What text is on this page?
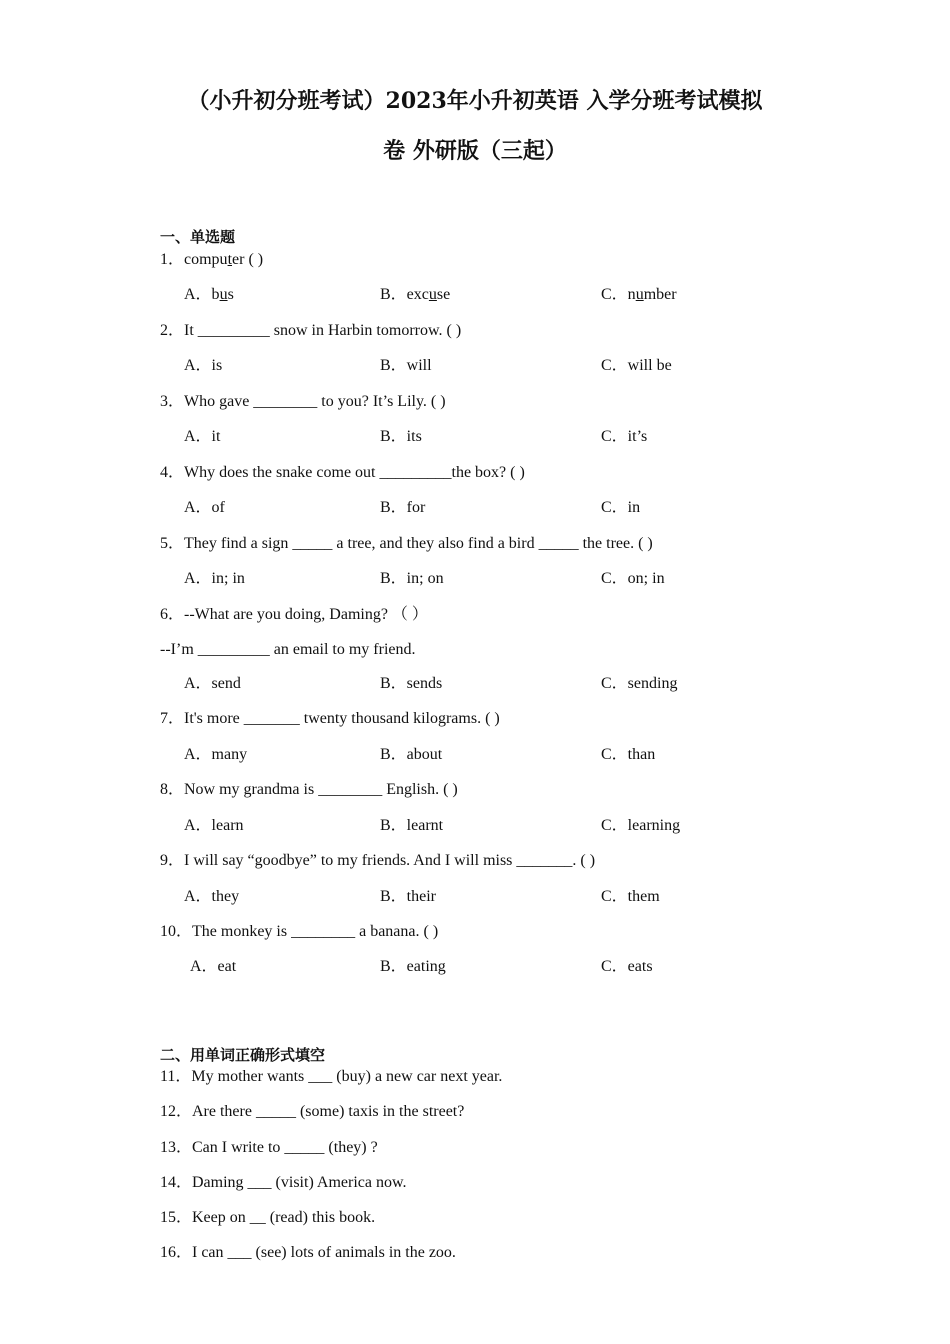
（小升初分班考试）2023年小升初英语 入学分班考试模拟
卷 外研版（三起）
一、单选题
1．computer ( )
A．bus	B．excuse	C．number
2．It _________ snow in Harbin tomorrow. ( )
A．is	B．will	C．will be
3．Who gave ________ to you? It’s Lily. ( )
A．it	B．its	C．it’s
4．Why does the snake come out _________the box? ( )
A．of	B．for	C．in
5．They find a sign _____ a tree, and they also find a bird _____ the tree. ( )
A．in; in	B．in; on	C．on; in
6．--What are you doing, Daming? （ ）
--I’m _________ an email to my friend.
A．send	B．sends	C．sending
7．It's more _______ twenty thousand kilograms. ( )
A．many	B．about	C．than
8．Now my grandma is ________ English. ( )
A．learn	B．learnt	C．learning
9．I will say “goodbye” to my friends. And I will miss _______. ( )
A．they	B．their	C．them
10．The monkey is ________ a banana. ( )
A．eat	B．eating	C．eats
二、用单词正确形式填空
11．My mother wants ___ (buy) a new car next year.
12．Are there _____ (some) taxis in the street?
13．Can I write to _____ (they) ?
14．Daming ___ (visit) America now.
15．Keep on __ (read) this book.
16．I can ___ (see) lots of animals in the zoo.
